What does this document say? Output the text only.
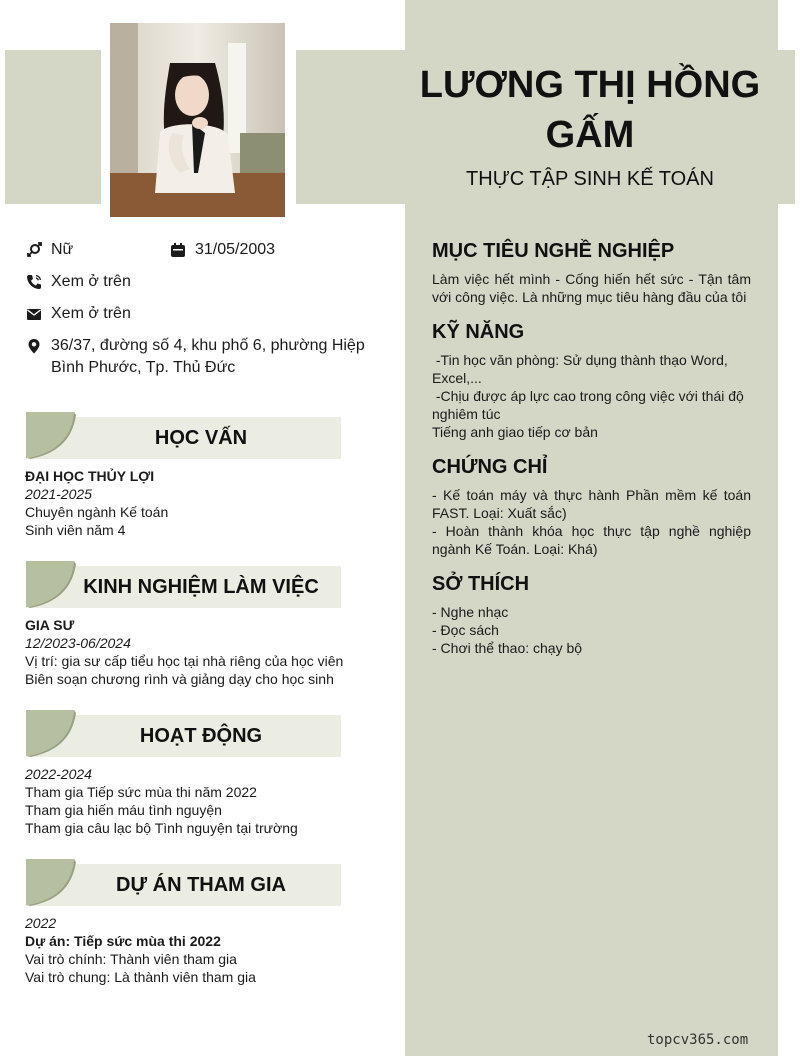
LƯƠNG THỊ HỒNG GẤM
THỰC TẬP SINH KẾ TOÁN
Nữ	31/05/2003
Xem ở trên
Xem ở trên
36/37, đường số 4, khu phố 6, phường Hiệp
Bình Phước, Tp. Thủ Đức
HỌC VẤN
ĐẠI HỌC THỦY LỢI
2021-2025
Chuyên ngành Kế toán
Sinh viên năm 4
KINH NGHIỆM LÀM VIỆC
GIA SƯ
12/2023-06/2024
Vị trí: gia sư cấp tiểu học tại nhà riêng của học viên
Biên soạn chương rình và giảng dạy cho học sinh
HOẠT ĐỘNG
2022-2024
Tham gia Tiếp sức mùa thi năm 2022
Tham gia hiến máu tình nguyện
Tham gia câu lạc bộ Tình nguyện tại trường
DỰ ÁN THAM GIA
2022
Dự án: Tiếp sức mùa thi 2022
Vai trò chính: Thành viên tham gia
Vai trò chung: Là thành viên tham gia
MỤC TIÊU NGHỀ NGHIỆP
Làm việc hết mình - Cống hiến hết sức - Tận tâm với công việc. Là những mục tiêu hàng đầu của tôi
KỸ NĂNG
-Tin học văn phòng: Sử dụng thành thạo Word, Excel,...
-Chịu được áp lực cao trong công việc với thái độ nghiêm túc
Tiếng anh giao tiếp cơ bản
CHỨNG CHỈ
- Kế toán máy và thực hành Phần mềm kế toán FAST. Loại: Xuất sắc)
- Hoàn thành khóa học thực tập nghề nghiệp ngành Kế Toán. Loại: Khá)
SỞ THÍCH
- Nghe nhạc
- Đọc sách
- Chơi thể thao: chạy bộ
topcv365.com
